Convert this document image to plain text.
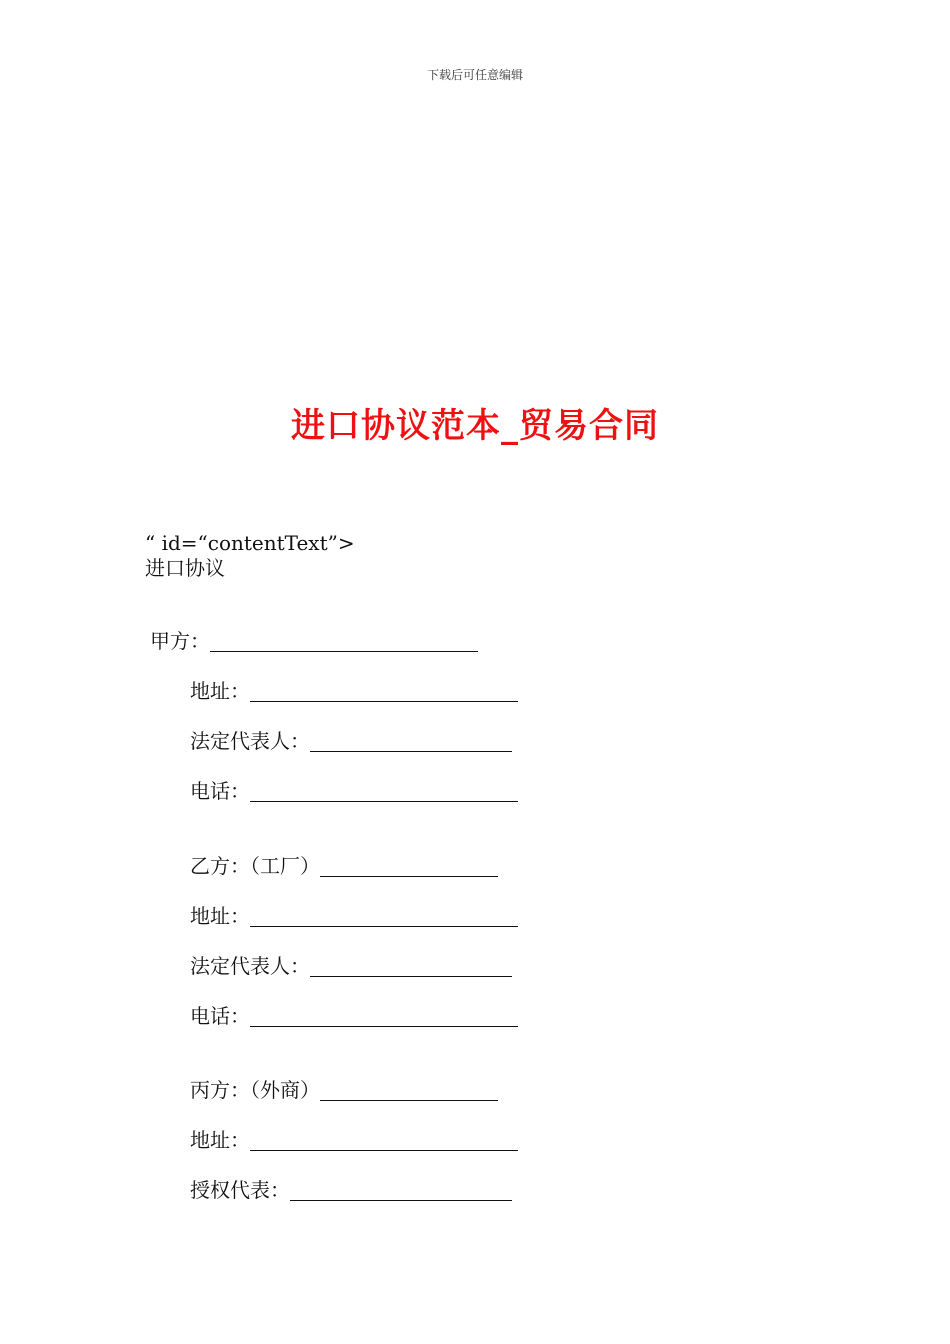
下载后可任意编辑
进口协议范本_贸易合同
“ id=“contentText”>
进口协议
甲方：
地址：
法定代表人：
电话：
乙方：（工厂）
地址：
法定代表人：
电话：
丙方：（外商）
地址：
授权代表：
